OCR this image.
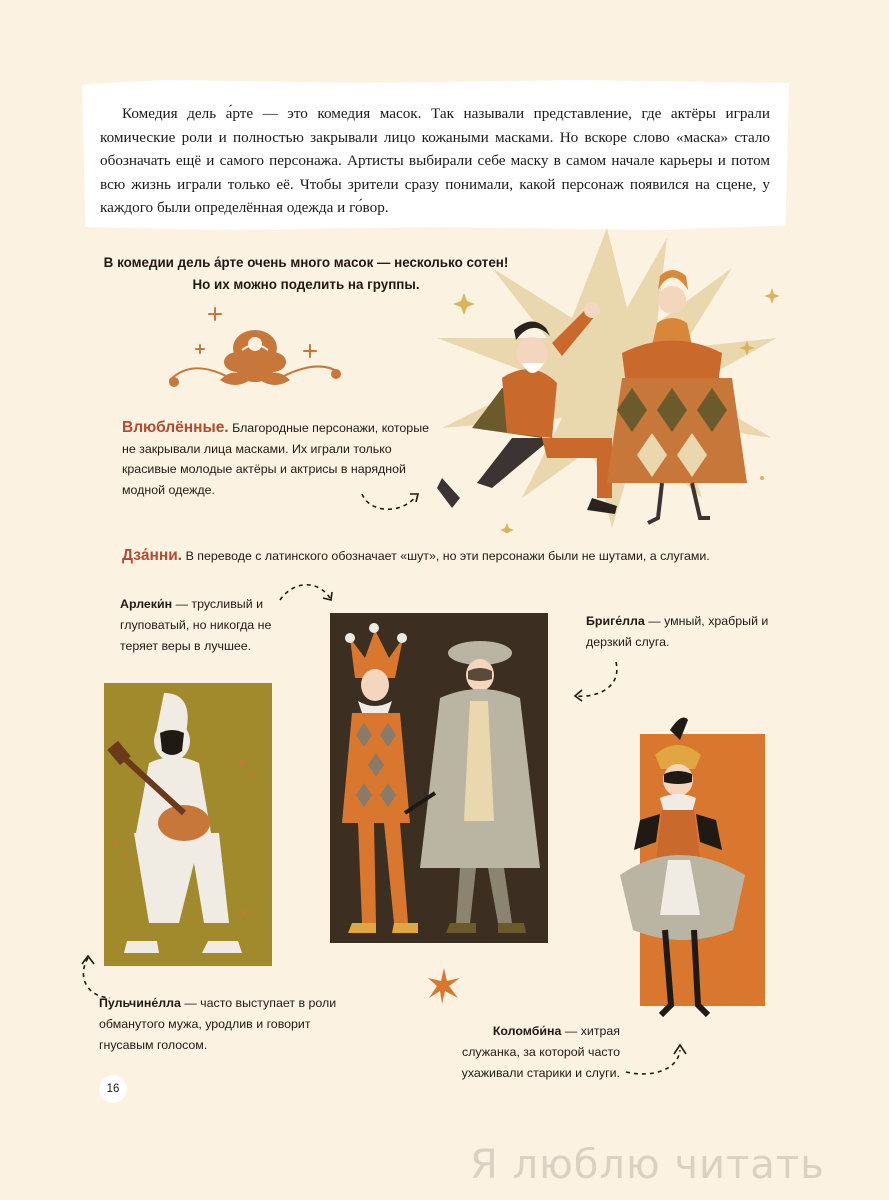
Комедия дель а́рте — это комедия масок. Так называли представление, где актёры играли комические роли и полностью закрывали лицо кожаными масками. Но вскоре слово «маска» стало обозначать ещё и самого персонажа. Артисты выбирали себе маску в самом начале карьеры и потом всю жизнь играли только её. Чтобы зрители сразу понимали, какой персонаж появился на сцене, у каждого были определённая одежда и го́вор.

В комедии дель а́рте очень много масок — несколько сотен!
Но их можно поделить на группы.
Влюблённые. Благородные персонажи, которые не закрывали лица масками. Их играли только красивые молодые актёры и актрисы в нарядной модной одежде.
Дза́нни. В переводе с латинского обозначает «шут», но эти персонажи были не шутами, а слугами.
Арлеки́н — трусливый и глуповатый, но никогда не теряет веры в лучшее.
Бриге́лла — умный, храбрый и дерзкий слуга.
Пульчине́лла — часто выступает в роли обманутого мужа, уродлив и говорит гнусавым голосом.
Коломби́на — хитрая служанка, за которой часто ухаживали старики и слуги.
16
Я люблю читать
